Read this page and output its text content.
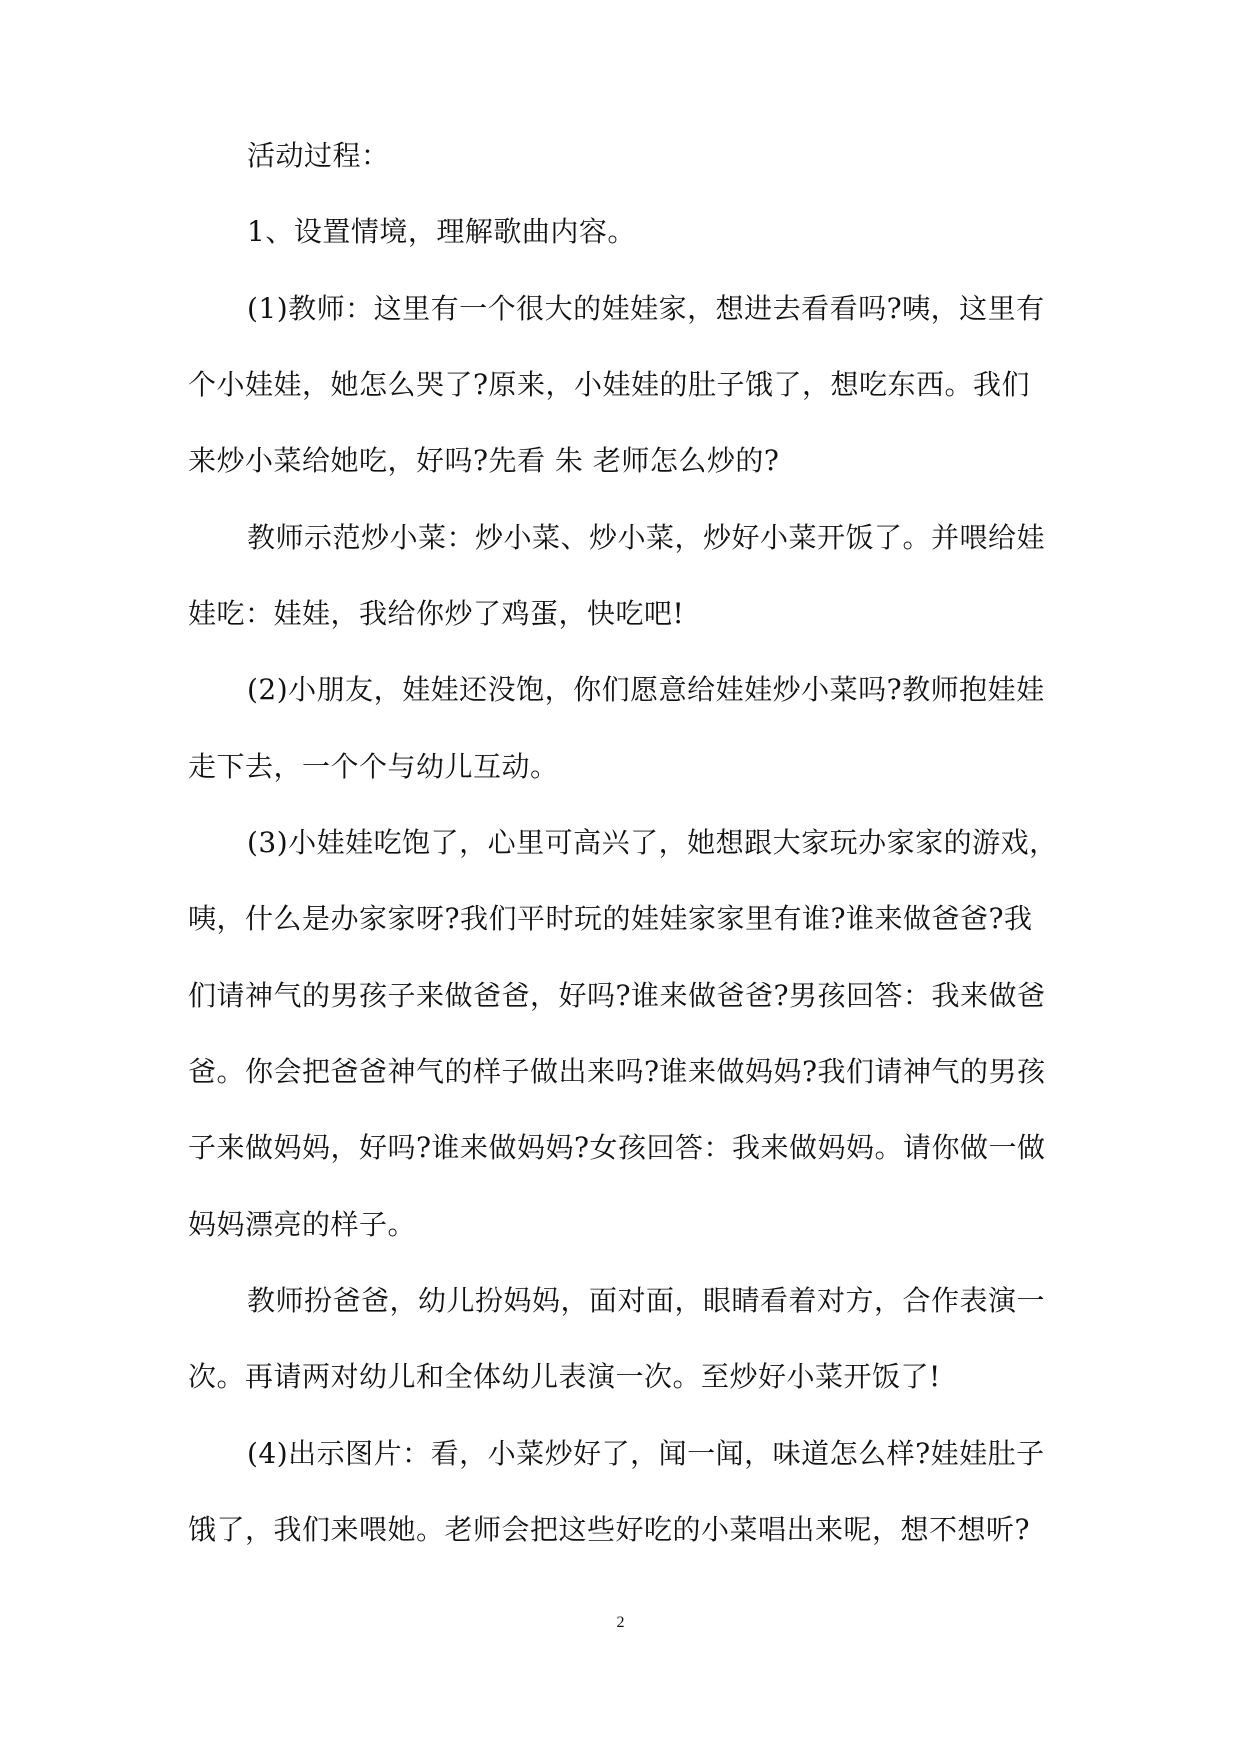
活动过程：
1、设置情境，理解歌曲内容。
(1)教师：这里有一个很大的娃娃家，想进去看看吗?咦，这里有
个小娃娃，她怎么哭了?原来，小娃娃的肚子饿了，想吃东西。我们
来炒小菜给她吃，好吗?先看 朱 老师怎么炒的?
教师示范炒小菜：炒小菜、炒小菜，炒好小菜开饭了。并喂给娃
娃吃：娃娃，我给你炒了鸡蛋，快吃吧!
(2)小朋友，娃娃还没饱，你们愿意给娃娃炒小菜吗?教师抱娃娃
走下去，一个个与幼儿互动。
(3)小娃娃吃饱了，心里可高兴了，她想跟大家玩办家家的游戏，
咦，什么是办家家呀?我们平时玩的娃娃家家里有谁?谁来做爸爸?我
们请神气的男孩子来做爸爸，好吗?谁来做爸爸?男孩回答：我来做爸
爸。你会把爸爸神气的样子做出来吗?谁来做妈妈?我们请神气的男孩
子来做妈妈，好吗?谁来做妈妈?女孩回答：我来做妈妈。请你做一做
妈妈漂亮的样子。
教师扮爸爸，幼儿扮妈妈，面对面，眼睛看着对方，合作表演一
次。再请两对幼儿和全体幼儿表演一次。至炒好小菜开饭了!
(4)出示图片：看，小菜炒好了，闻一闻，味道怎么样?娃娃肚子
饿了，我们来喂她。老师会把这些好吃的小菜唱出来呢，想不想听?
2
